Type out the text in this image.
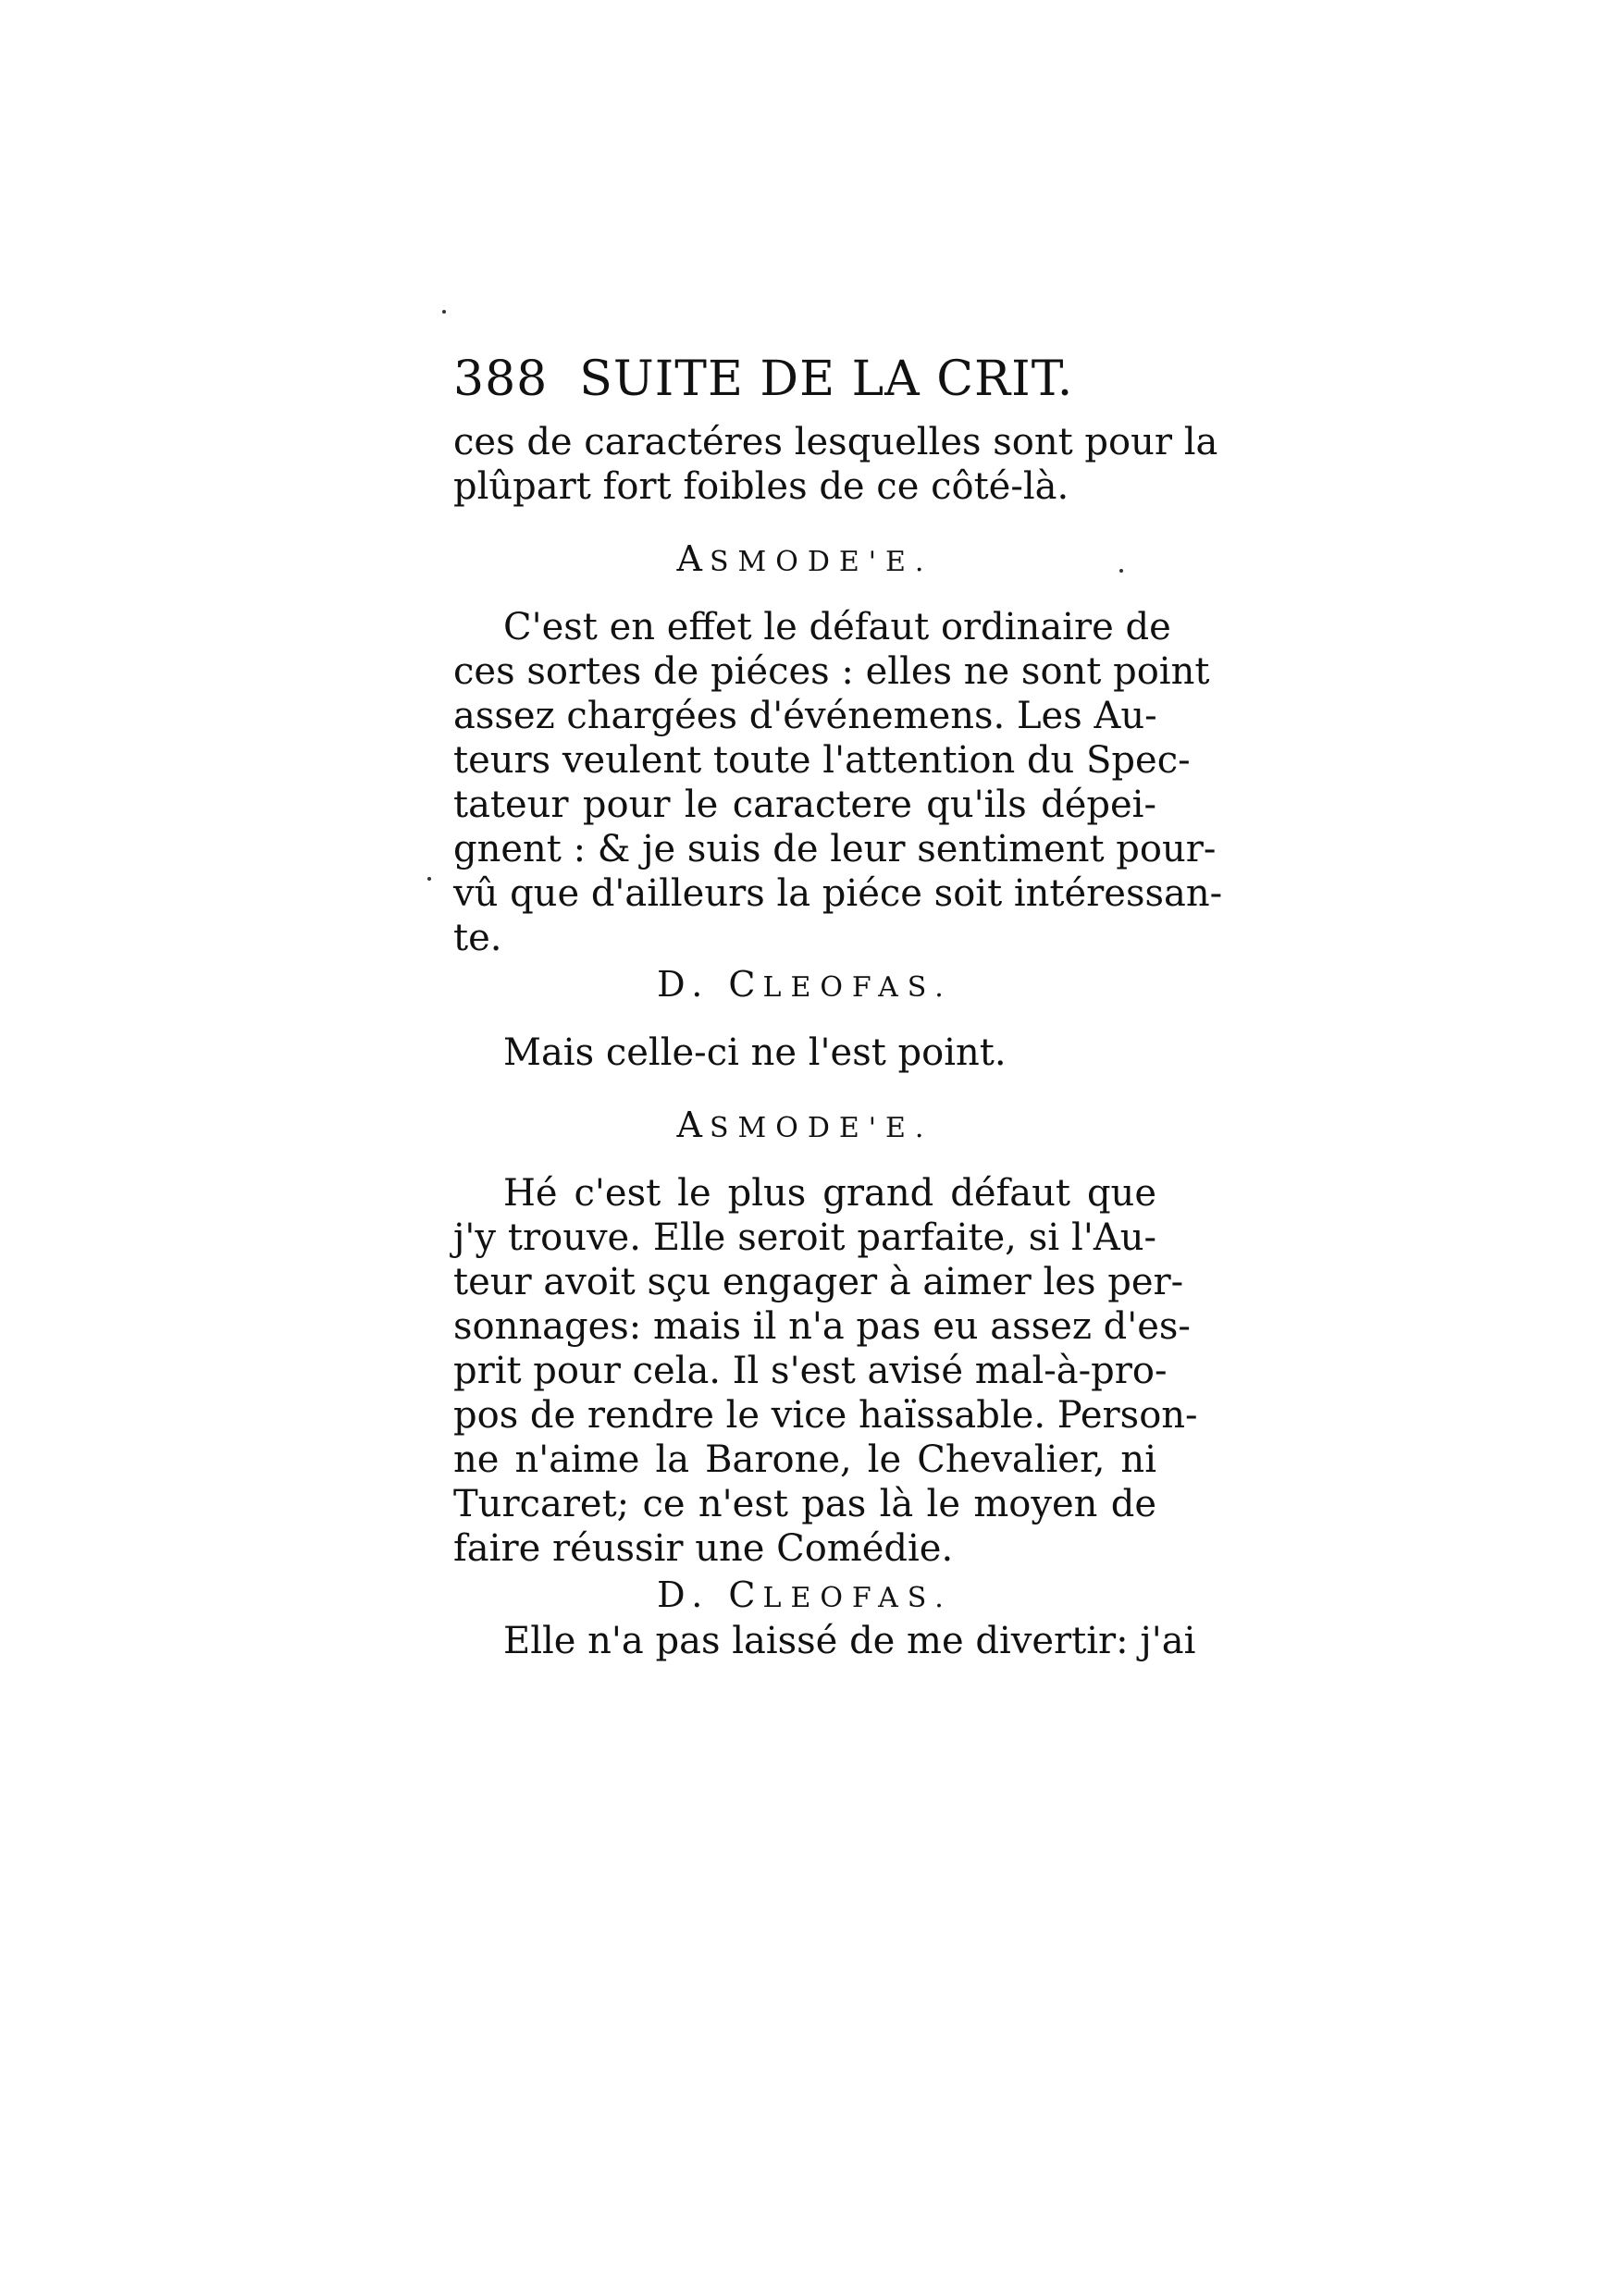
388 SUITE DE LA CRIT.
ces de caractéres lesquelles sont pour la
plûpart fort foibles de ce côté-là.
ASMODE'E.
C'est en effet le défaut ordinaire de
ces sortes de piéces : elles ne sont point
assez chargées d'événemens. Les Au-
teurs veulent toute l'attention du Spec-
tateur pour le caractere qu'ils dépei-
gnent : & je suis de leur sentiment pour-
vû que d'ailleurs la piéce soit intéressan-
te.
D. CLEOFAS.
Mais celle-ci ne l'est point.
ASMODE'E.
Hé c'est le plus grand défaut que
j'y trouve. Elle seroit parfaite, si l'Au-
teur avoit sçu engager à aimer les per-
sonnages: mais il n'a pas eu assez d'es-
prit pour cela. Il s'est avisé mal-à-pro-
pos de rendre le vice haïssable. Person-
ne n'aime la Barone, le Chevalier, ni
Turcaret; ce n'est pas là le moyen de
faire réussir une Comédie.
D. CLEOFAS.
Elle n'a pas laissé de me divertir: j'ai
